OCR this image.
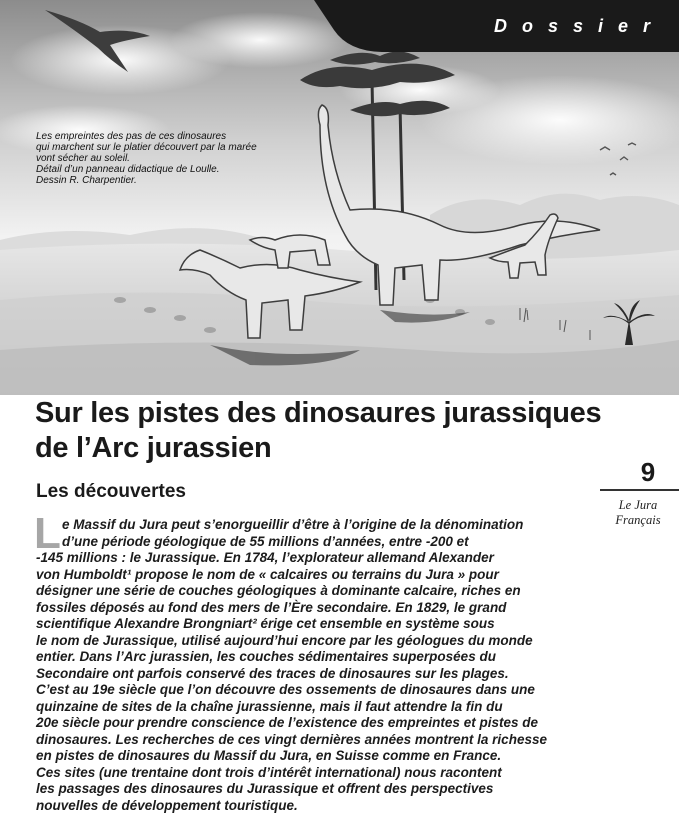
Dossier
Les empreintes des pas de ces dinosaures
qui marchent sur le platier découvert par la marée
vont sécher au soleil.
Détail d’un panneau didactique de Loulle.
Dessin R. Charpentier.
Sur les pistes des dinosaures jurassiques
de l’Arc jurassien
Les découvertes
9
Le Jura
Français
L e Massif du Jura peut s’enorgueillir d’être à l’origine de la dénomination
d’une période géologique de 55 millions d’années, entre -200 et
-145 millions : le Jurassique. En 1784, l’explorateur allemand Alexander
von Humboldt¹ propose le nom de « calcaires ou terrains du Jura » pour
désigner une série de couches géologiques à dominante calcaire, riches en
fossiles déposés au fond des mers de l’Ère secondaire. En 1829, le grand
scientifique Alexandre Brongniart² érige cet ensemble en système sous
le nom de Jurassique, utilisé aujourd’hui encore par les géologues du monde
entier. Dans l’Arc jurassien, les couches sédimentaires superposées du
Secondaire ont parfois conservé des traces de dinosaures sur les plages.
C’est au 19e siècle que l’on découvre des ossements de dinosaures dans une
quinzaine de sites de la chaîne jurassienne, mais il faut attendre la fin du
20e siècle pour prendre conscience de l’existence des empreintes et pistes de
dinosaures. Les recherches de ces vingt dernières années montrent la richesse
en pistes de dinosaures du Massif du Jura, en Suisse comme en France.
Ces sites (une trentaine dont trois d’intérêt international) nous racontent
les passages des dinosaures du Jurassique et offrent des perspectives
nouvelles de développement touristique.
